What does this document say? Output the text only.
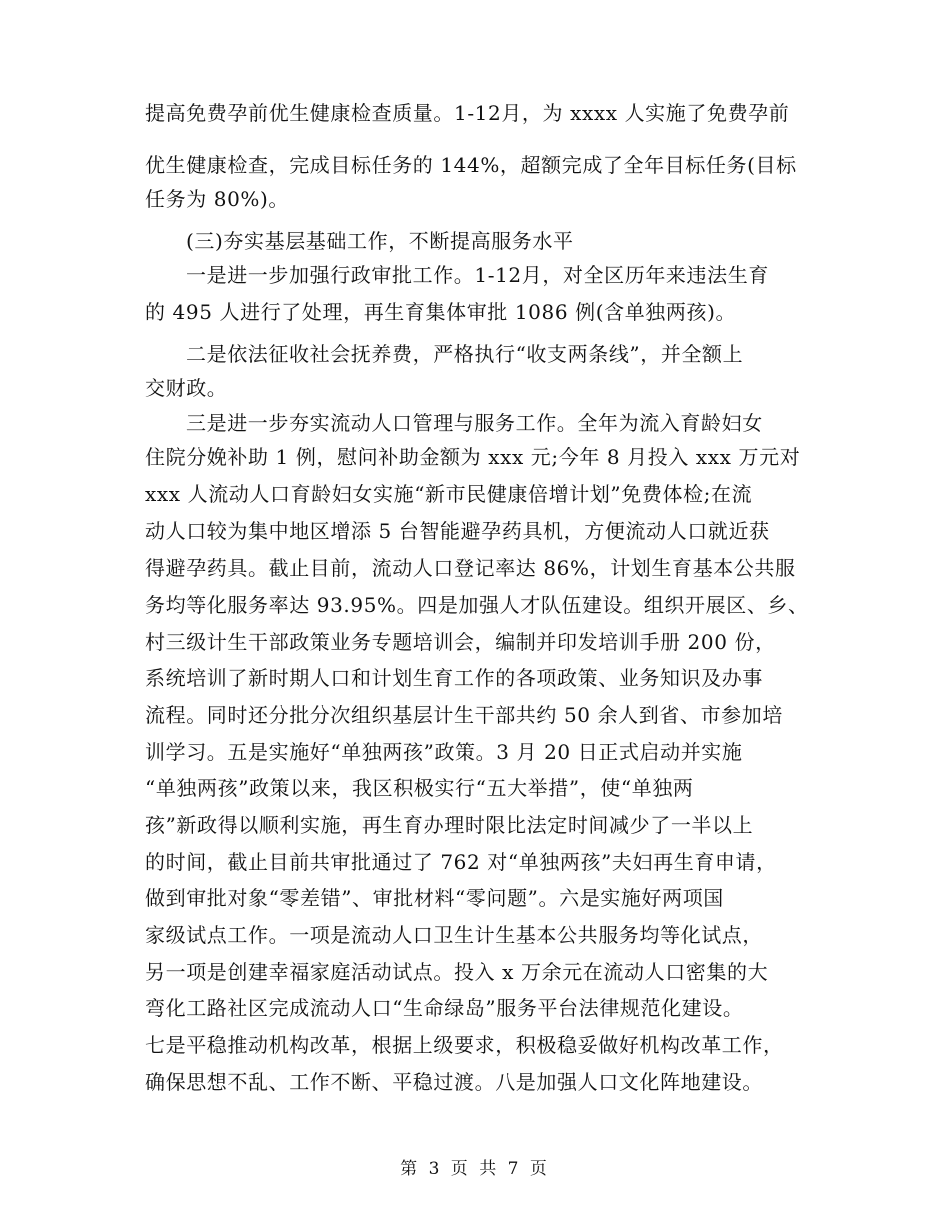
提高免费孕前优生健康检查质量。1-12月，为 xxxx 人实施了免费孕前
优生健康检查，完成目标任务的 144%，超额完成了全年目标任务(目标
任务为 80%)。
(三)夯实基层基础工作，不断提高服务水平
一是进一步加强行政审批工作。1-12月，对全区历年来违法生育
的 495 人进行了处理，再生育集体审批 1086 例(含单独两孩)。
二是依法征收社会抚养费，严格执行“收支两条线”，并全额上
交财政。
三是进一步夯实流动人口管理与服务工作。全年为流入育龄妇女
住院分娩补助 1 例，慰问补助金额为 xxx 元;今年 8 月投入 xxx 万元对
xxx 人流动人口育龄妇女实施“新市民健康倍增计划”免费体检;在流
动人口较为集中地区增添 5 台智能避孕药具机，方便流动人口就近获
得避孕药具。截止目前，流动人口登记率达 86%，计划生育基本公共服
务均等化服务率达 93.95%。四是加强人才队伍建设。组织开展区、乡、
村三级计生干部政策业务专题培训会，编制并印发培训手册 200 份，
系统培训了新时期人口和计划生育工作的各项政策、业务知识及办事
流程。同时还分批分次组织基层计生干部共约 50 余人到省、市参加培
训学习。五是实施好“单独两孩”政策。3 月 20 日正式启动并实施
“单独两孩”政策以来，我区积极实行“五大举措”，使“单独两
孩”新政得以顺利实施，再生育办理时限比法定时间减少了一半以上
的时间，截止目前共审批通过了 762 对“单独两孩”夫妇再生育申请，
做到审批对象“零差错”、审批材料“零问题”。六是实施好两项国
家级试点工作。一项是流动人口卫生计生基本公共服务均等化试点，
另一项是创建幸福家庭活动试点。投入 x 万余元在流动人口密集的大
弯化工路社区完成流动人口“生命绿岛”服务平台法律规范化建设。
七是平稳推动机构改革，根据上级要求，积极稳妥做好机构改革工作，
确保思想不乱、工作不断、平稳过渡。八是加强人口文化阵地建设。
第 3 页 共 7 页
